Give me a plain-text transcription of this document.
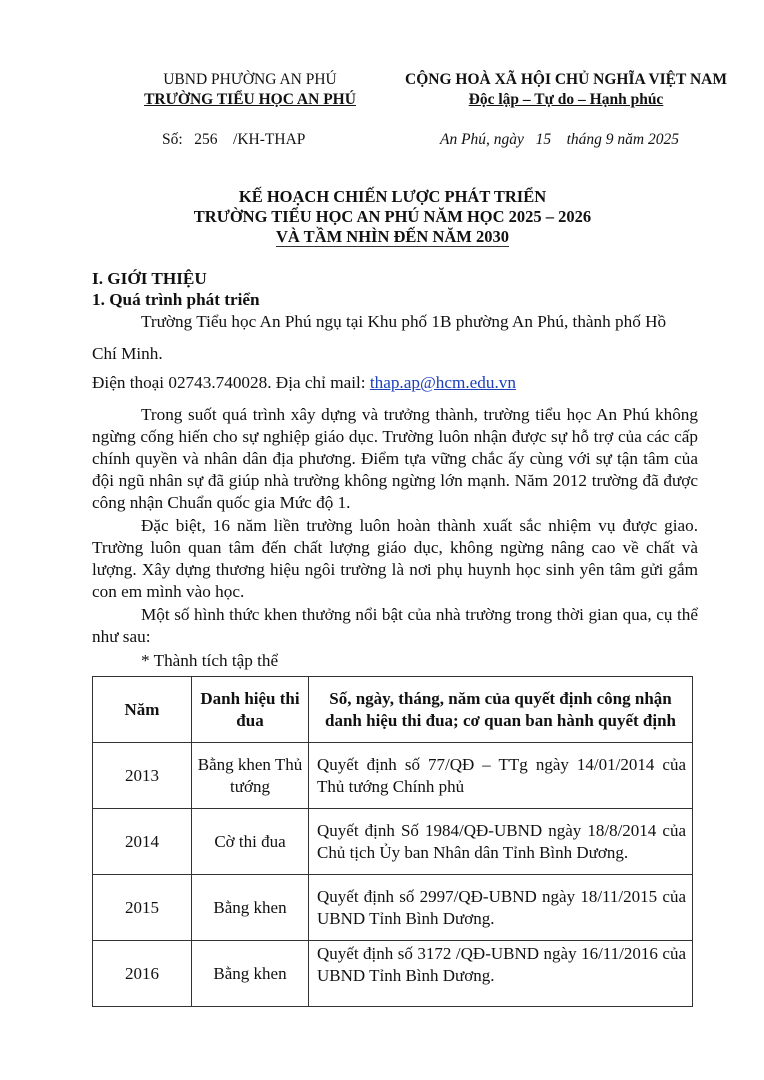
UBND PHƯỜNG AN PHÚ
TRƯỜNG TIỂU HỌC AN PHÚ
CỘNG HOÀ XÃ HỘI CHỦ NGHĨA VIỆT NAM
Độc lập – Tự do – Hạnh phúc
Số:   256    /KH-THAP	An Phú, ngày   15    tháng 9 năm 2025
KẾ HOẠCH CHIẾN LƯỢC PHÁT TRIỂN
TRƯỜNG TIỂU HỌC AN PHÚ NĂM HỌC 2025 – 2026
VÀ TẦM NHÌN ĐẾN NĂM 2030
I. GIỚI THIỆU
1. Quá trình phát triển
Trường Tiểu học An Phú ngụ tại Khu phố 1B phường An Phú, thành phố Hồ
Chí Minh.
Điện thoại 02743.740028. Địa chỉ mail: thap.ap@hcm.edu.vn
Trong suốt quá trình xây dựng và trưởng thành, trường tiểu học An Phú không ngừng cống hiến cho sự nghiệp giáo dục. Trường luôn nhận được sự hỗ trợ của các cấp chính quyền và nhân dân địa phương. Điểm tựa vững chắc ấy cùng với sự tận tâm của đội ngũ nhân sự đã giúp nhà trường không ngừng lớn mạnh. Năm 2012 trường đã được công nhận Chuẩn quốc gia Mức độ 1.
Đặc biệt, 16 năm liền trường luôn hoàn thành xuất sắc nhiệm vụ được giao. Trường luôn quan tâm đến chất lượng giáo dục, không ngừng nâng cao về chất và lượng. Xây dựng thương hiệu ngôi trường là nơi phụ huynh học sinh yên tâm gửi gắm con em mình vào học.
Một số hình thức khen thưởng nổi bật của nhà trường trong thời gian qua, cụ thể như sau:
* Thành tích tập thể
Năm	Danh hiệu thi đua	Số, ngày, tháng, năm của quyết định công nhận danh hiệu thi đua; cơ quan ban hành quyết định
2013	Bằng khen Thủ tướng	Quyết định số 77/QĐ – TTg ngày 14/01/2014 của Thủ tướng Chính phủ
2014	Cờ thi đua	Quyết định Số 1984/QĐ-UBND ngày 18/8/2014 của Chủ tịch Ủy ban Nhân dân Tỉnh Bình Dương.
2015	Bằng khen	Quyết định số 2997/QĐ-UBND ngày 18/11/2015 của UBND Tỉnh Bình Dương.
2016	Bằng khen	Quyết định số 3172 /QĐ-UBND ngày 16/11/2016 của UBND Tỉnh Bình Dương.
